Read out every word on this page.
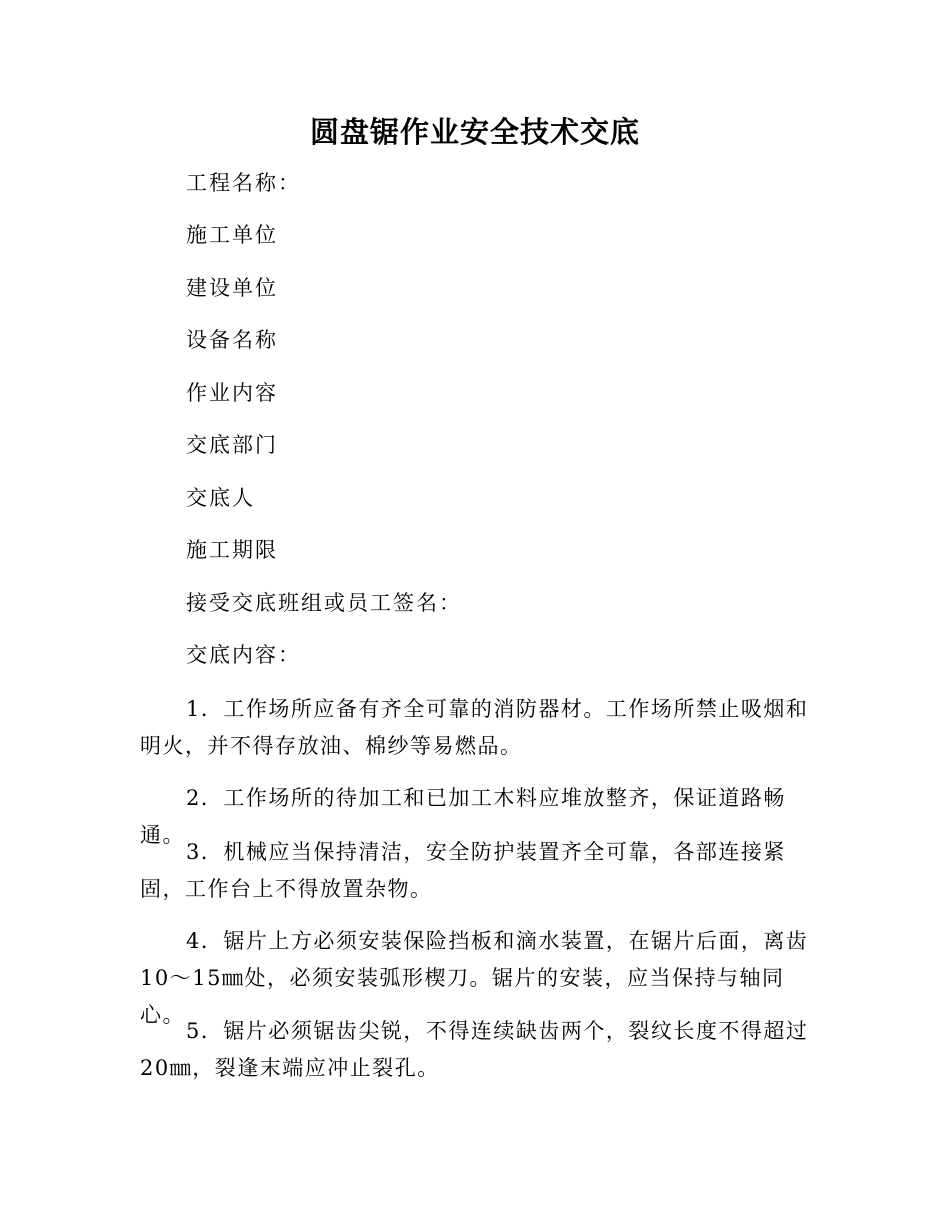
圆盘锯作业安全技术交底
工程名称：
施工单位
建设单位
设备名称
作业内容
交底部门
交底人
施工期限
接受交底班组或员工签名：
交底内容：
1．工作场所应备有齐全可靠的消防器材。工作场所禁止吸烟和明火，并不得存放油、棉纱等易燃品。
2．工作场所的待加工和已加工木料应堆放整齐，保证道路畅通。
3．机械应当保持清洁，安全防护装置齐全可靠，各部连接紧固，工作台上不得放置杂物。
4．锯片上方必须安装保险挡板和滴水装置，在锯片后面，离齿10～15㎜处，必须安装弧形楔刀。锯片的安装，应当保持与轴同心。
5．锯片必须锯齿尖锐，不得连续缺齿两个，裂纹长度不得超过20㎜，裂逢末端应冲止裂孔。
